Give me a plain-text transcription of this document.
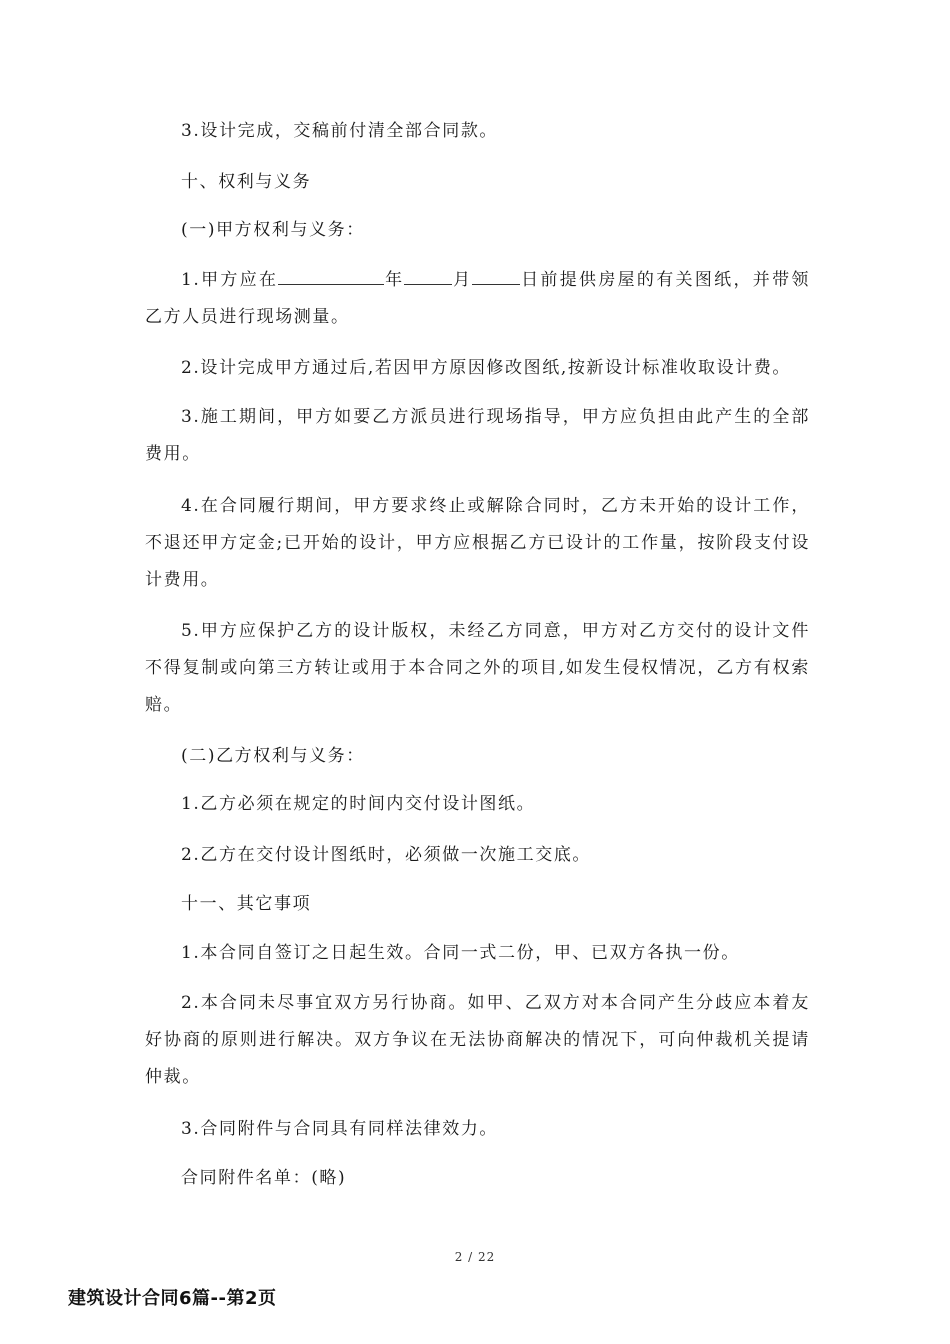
3.设计完成，交稿前付清全部合同款。

十、权利与义务

(一)甲方权利与义务：

1.甲方应在	年	月	日前提供房屋的有关图纸，并带领乙方人员进行现场测量。

2.设计完成甲方通过后,若因甲方原因修改图纸,按新设计标准收取设计费。

3.施工期间，甲方如要乙方派员进行现场指导，甲方应负担由此产生的全部费用。

4.在合同履行期间，甲方要求终止或解除合同时，乙方未开始的设计工作，不退还甲方定金;已开始的设计，甲方应根据乙方已设计的工作量，按阶段支付设计费用。

5.甲方应保护乙方的设计版权，未经乙方同意，甲方对乙方交付的设计文件不得复制或向第三方转让或用于本合同之外的项目,如发生侵权情况，乙方有权索赔。

(二)乙方权利与义务：

1.乙方必须在规定的时间内交付设计图纸。

2.乙方在交付设计图纸时，必须做一次施工交底。

十一、其它事项

1.本合同自签订之日起生效。合同一式二份，甲、已双方各执一份。

2.本合同未尽事宜双方另行协商。如甲、乙双方对本合同产生分歧应本着友好协商的原则进行解决。双方争议在无法协商解决的情况下，可向仲裁机关提请仲裁。

3.合同附件与合同具有同样法律效力。

合同附件名单：(略)

2 / 22
建筑设计合同6篇--第2页
